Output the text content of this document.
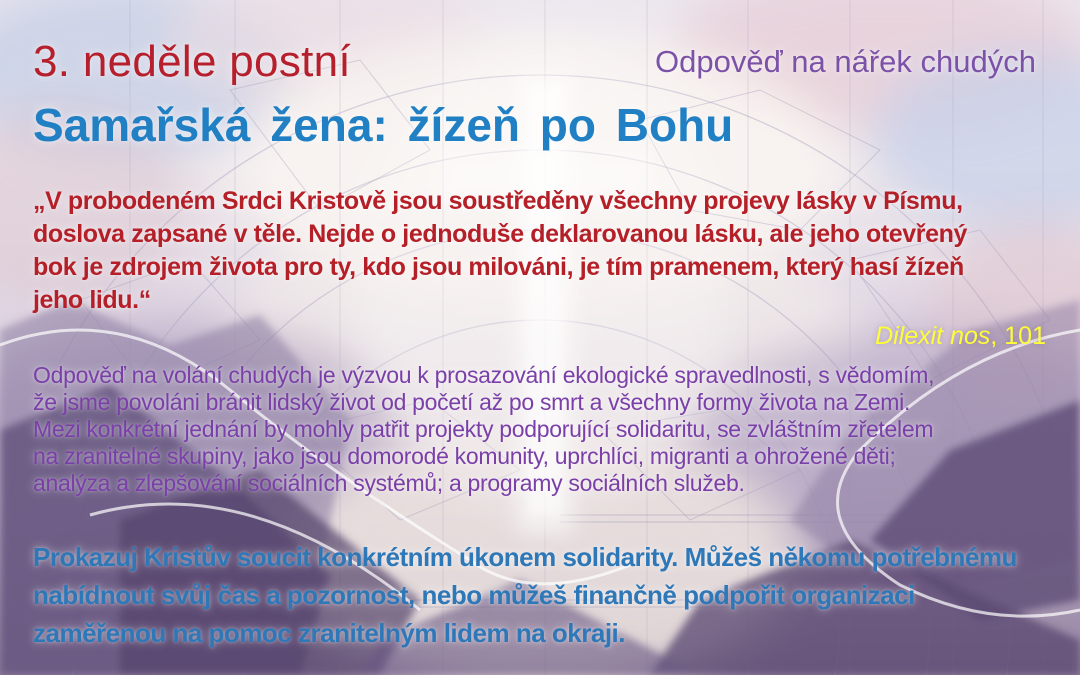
3. neděle postní
Samařská žena: žízeň po Bohu
Odpověď na nářek chudých
„V probodeném Srdci Kristově jsou soustředěny všechny projevy lásky v Písmu,
doslova zapsané v těle. Nejde o jednoduše deklarovanou lásku, ale jeho otevřený
bok je zdrojem života pro ty, kdo jsou milováni, je tím pramenem, který hasí žízeň
jeho lidu.“
Dilexit nos, 101
Odpověď na volání chudých je výzvou k prosazování ekologické spravedlnosti, s vědomím,
že jsme povoláni bránit lidský život od početí až po smrt a všechny formy života na Zemi.
Mezi konkrétní jednání by mohly patřit projekty podporující solidaritu, se zvláštním zřetelem
na zranitelné skupiny, jako jsou domorodé komunity, uprchlíci, migranti a ohrožené děti;
analýza a zlepšování sociálních systémů; a programy sociálních služeb.
Prokazuj Kristův soucit konkrétním úkonem solidarity. Můžeš někomu potřebnému
nabídnout svůj čas a pozornost, nebo můžeš finančně podpořit organizaci
zaměřenou na pomoc zranitelným lidem na okraji.
